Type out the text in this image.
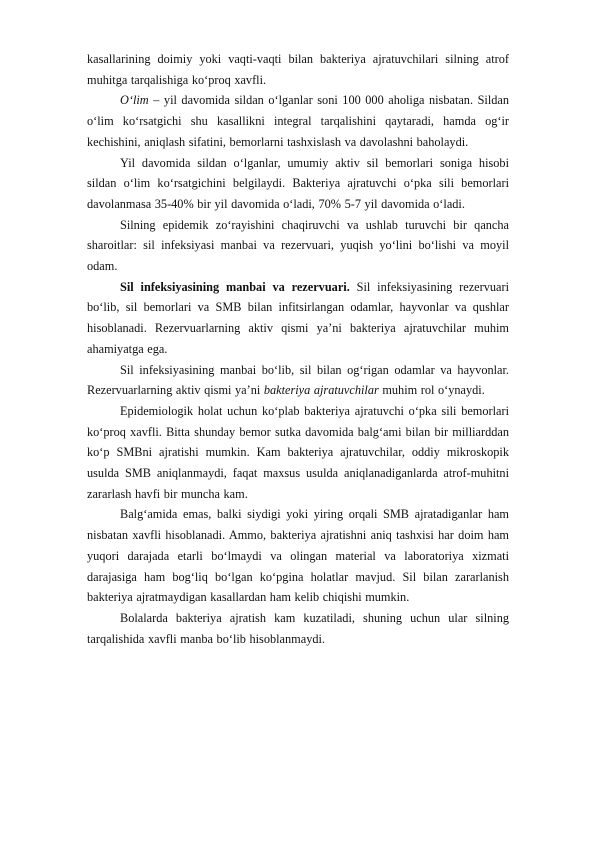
kasallarining doimiy yoki vaqti-vaqti bilan bakteriya ajratuvchilari silning atrof muhitga tarqalishiga ko‘proq xavfli.

O‘lim – yil davomida sildan o‘lganlar soni 100 000 aholiga nisbatan. Sildan o‘lim ko‘rsatgichi shu kasallikni integral tarqalishini qaytaradi, hamda og‘ir kechishini, aniqlash sifatini, bemorlarni tashxislash va davolashni baholaydi.

Yil davomida sildan o‘lganlar, umumiy aktiv sil bemorlari soniga hisobi sildan o‘lim ko‘rsatgichini belgilaydi. Bakteriya ajratuvchi o‘pka sili bemorlari davolanmasa 35-40% bir yil davomida o‘ladi, 70% 5-7 yil davomida o‘ladi.

Silning epidemik zo‘rayishini chaqiruvchi va ushlab turuvchi bir qancha sharoitlar: sil infeksiyasi manbai va rezervuari, yuqish yo‘lini bo‘lishi va moyil odam.

Sil infeksiyasining manbai va rezervuari. Sil infeksiyasining rezervuari bo‘lib, sil bemorlari va SMB bilan infitsirlangan odamlar, hayvonlar va qushlar hisoblanadi. Rezervuarlarning aktiv qismi ya’ni bakteriya ajratuvchilar muhim ahamiyatga ega.

Sil infeksiyasining manbai bo‘lib, sil bilan og‘rigan odamlar va hayvonlar. Rezervuarlarning aktiv qismi ya’ni bakteriya ajratuvchilar muhim rol o‘ynaydi.

Epidemiologik holat uchun ko‘plab bakteriya ajratuvchi o‘pka sili bemorlari ko‘proq xavfli. Bitta shunday bemor sutka davomida balg‘ami bilan bir milliarddan ko‘p SMBni ajratishi mumkin. Kam bakteriya ajratuvchilar, oddiy mikroskopik usulda SMB aniqlanmaydi, faqat maxsus usulda aniqlanadiganlarda atrof-muhitni zararlash havfi bir muncha kam.

Balg‘amida emas, balki siydigi yoki yiring orqali SMB ajratadiganlar ham nisbatan xavfli hisoblanadi. Ammo, bakteriya ajratishni aniq tashxisi har doim ham yuqori darajada etarli bo‘lmaydi va olingan material va laboratoriya xizmati darajasiga ham bog‘liq bo‘lgan ko‘pgina holatlar mavjud. Sil bilan zararlanish bakteriya ajratmaydigan kasallardan ham kelib chiqishi mumkin.

Bolalarda bakteriya ajratish kam kuzatiladi, shuning uchun ular silning tarqalishida xavfli manba bo‘lib hisoblanmaydi.
